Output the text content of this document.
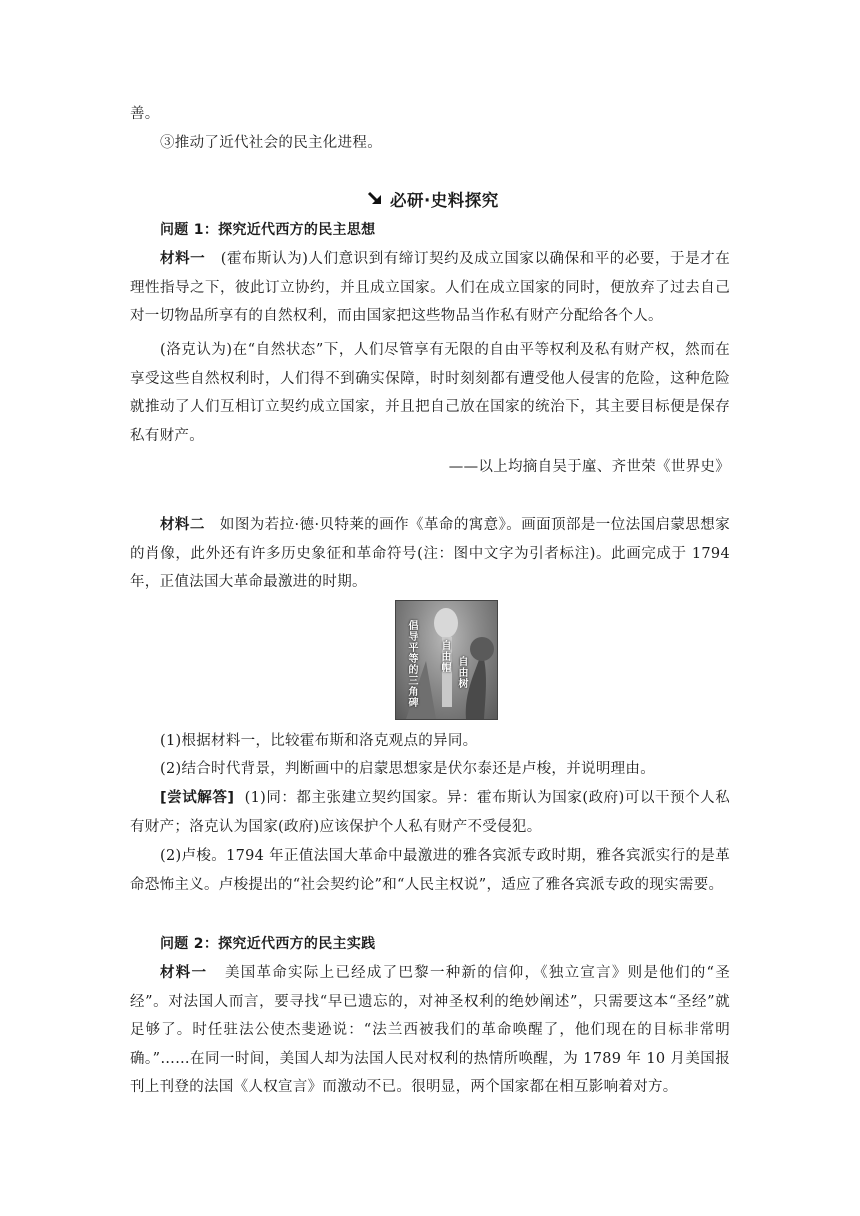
善。

③推动了近代社会的民主化进程。

必研·史料探究

问题 1：探究近代西方的民主思想

材料一 (霍布斯认为)人们意识到有缔订契约及成立国家以确保和平的必要，于是才在理性指导之下，彼此订立协约，并且成立国家。人们在成立国家的同时，便放弃了过去自己对一切物品所享有的自然权利，而由国家把这些物品当作私有财产分配给各个人。

(洛克认为)在“自然状态”下，人们尽管享有无限的自由平等权利及私有财产权，然而在享受这些自然权利时，人们得不到确实保障，时时刻刻都有遭受他人侵害的危险，这种危险就推动了人们互相订立契约成立国家，并且把自己放在国家的统治下，其主要目标便是保存私有财产。

——以上均摘自吴于廑、齐世荣《世界史》

材料二 如图为若拉·德·贝特莱的画作《革命的寓意》。画面顶部是一位法国启蒙思想家的肖像，此外还有许多历史象征和革命符号(注：图中文字为引者标注)。此画完成于 1794 年，正值法国大革命最激进的时期。

倡导平等的三角碑
自由帽
自由树

(1)根据材料一，比较霍布斯和洛克观点的异同。

(2)结合时代背景，判断画中的启蒙思想家是伏尔泰还是卢梭，并说明理由。

[尝试解答] (1)同：都主张建立契约国家。异：霍布斯认为国家(政府)可以干预个人私有财产；洛克认为国家(政府)应该保护个人私有财产不受侵犯。

(2)卢梭。1794 年正值法国大革命中最激进的雅各宾派专政时期，雅各宾派实行的是革命恐怖主义。卢梭提出的“社会契约论”和“人民主权说”，适应了雅各宾派专政的现实需要。

问题 2：探究近代西方的民主实践

材料一 美国革命实际上已经成了巴黎一种新的信仰，《独立宣言》则是他们的“圣经”。对法国人而言，要寻找“早已遗忘的，对神圣权利的绝妙阐述”，只需要这本“圣经”就足够了。时任驻法公使杰斐逊说：“法兰西被我们的革命唤醒了，他们现在的目标非常明确。”……在同一时间，美国人却为法国人民对权利的热情所唤醒，为 1789 年 10 月美国报刊上刊登的法国《人权宣言》而激动不已。很明显，两个国家都在相互影响着对方。
